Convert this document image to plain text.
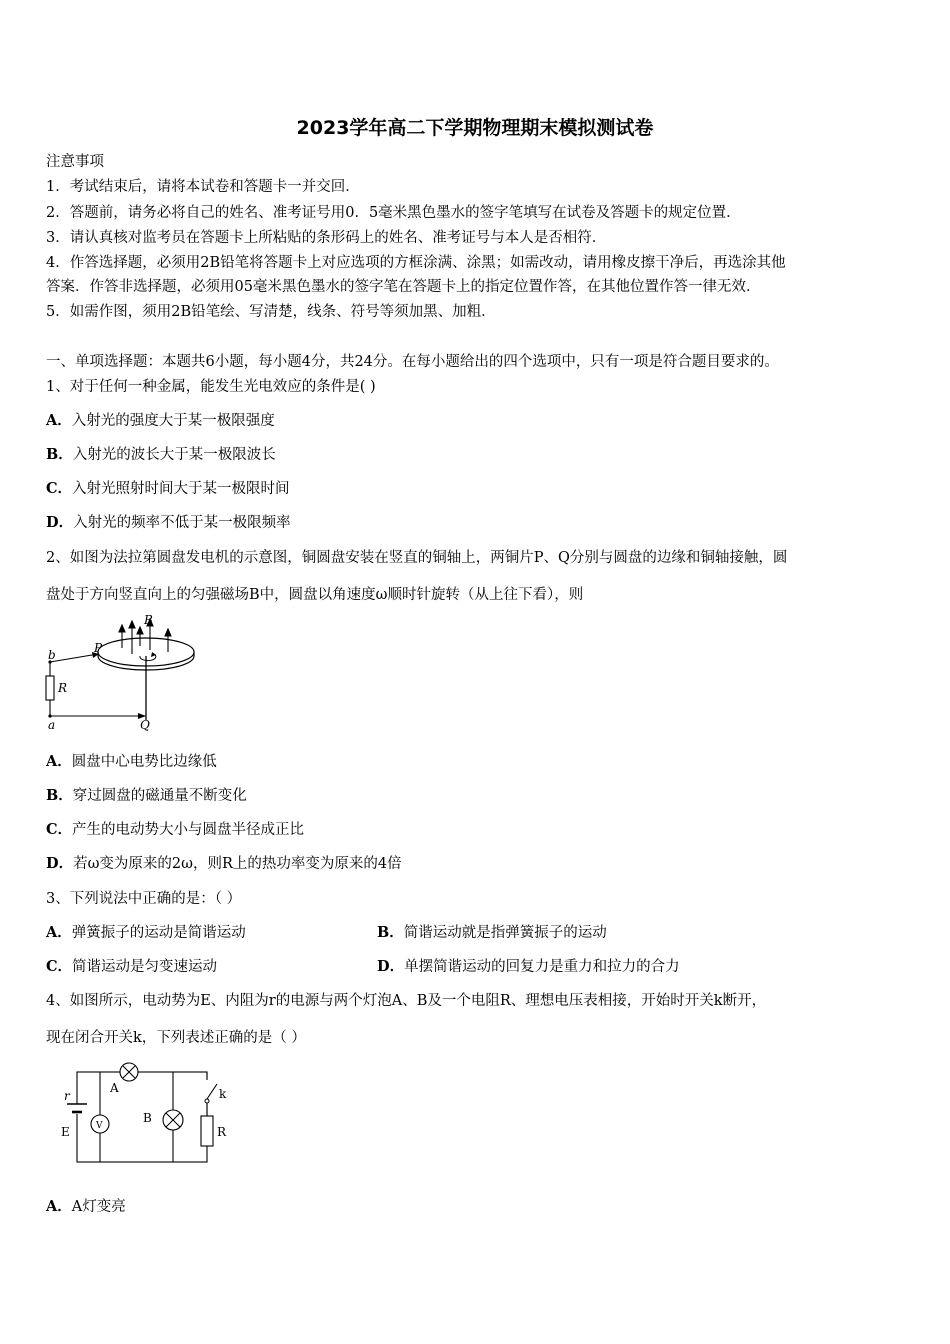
2023学年高二下学期物理期末模拟测试卷
注意事项
1．考试结束后，请将本试卷和答题卡一并交回．
2．答题前，请务必将自己的姓名、准考证号用0．5毫米黑色墨水的签字笔填写在试卷及答题卡的规定位置．
3．请认真核对监考员在答题卡上所粘贴的条形码上的姓名、准考证号与本人是否相符．
4．作答选择题，必须用2B铅笔将答题卡上对应选项的方框涂满、涂黑；如需改动，请用橡皮擦干净后，再选涂其他
答案．作答非选择题，必须用05毫米黑色墨水的签字笔在答题卡上的指定位置作答，在其他位置作答一律无效．
5．如需作图，须用2B铅笔绘、写清楚，线条、符号等须加黑、加粗．
一、单项选择题：本题共6小题，每小题4分，共24分。在每小题给出的四个选项中，只有一项是符合题目要求的。
1、对于任何一种金属，能发生光电效应的条件是( )
A．入射光的强度大于某一极限强度
B．入射光的波长大于某一极限波长
C．入射光照射时间大于某一极限时间
D．入射光的频率不低于某一极限频率
2、如图为法拉第圆盘发电机的示意图，铜圆盘安装在竖直的铜轴上，两铜片P、Q分别与圆盘的边缘和铜轴接触，圆
盘处于方向竖直向上的匀强磁场B中，圆盘以角速度ω顺时针旋转（从上往下看），则
b	P
B
R
a	Q
A．圆盘中心电势比边缘低
B．穿过圆盘的磁通量不断变化
C．产生的电动势大小与圆盘半径成正比
D．若ω变为原来的2ω，则R上的热功率变为原来的4倍
3、下列说法中正确的是：（ ）
A．弹簧振子的运动是简谐运动	B．简谐运动就是指弹簧振子的运动
C．简谐运动是匀变速运动	D．单摆简谐运动的回复力是重力和拉力的合力
4、如图所示，电动势为E、内阻为r的电源与两个灯泡A、B及一个电阻R、理想电压表相接，开始时开关k断开，
现在闭合开关k，下列表述正确的是（ ）
r
E	V
A
B
k
R
A．A灯变亮
